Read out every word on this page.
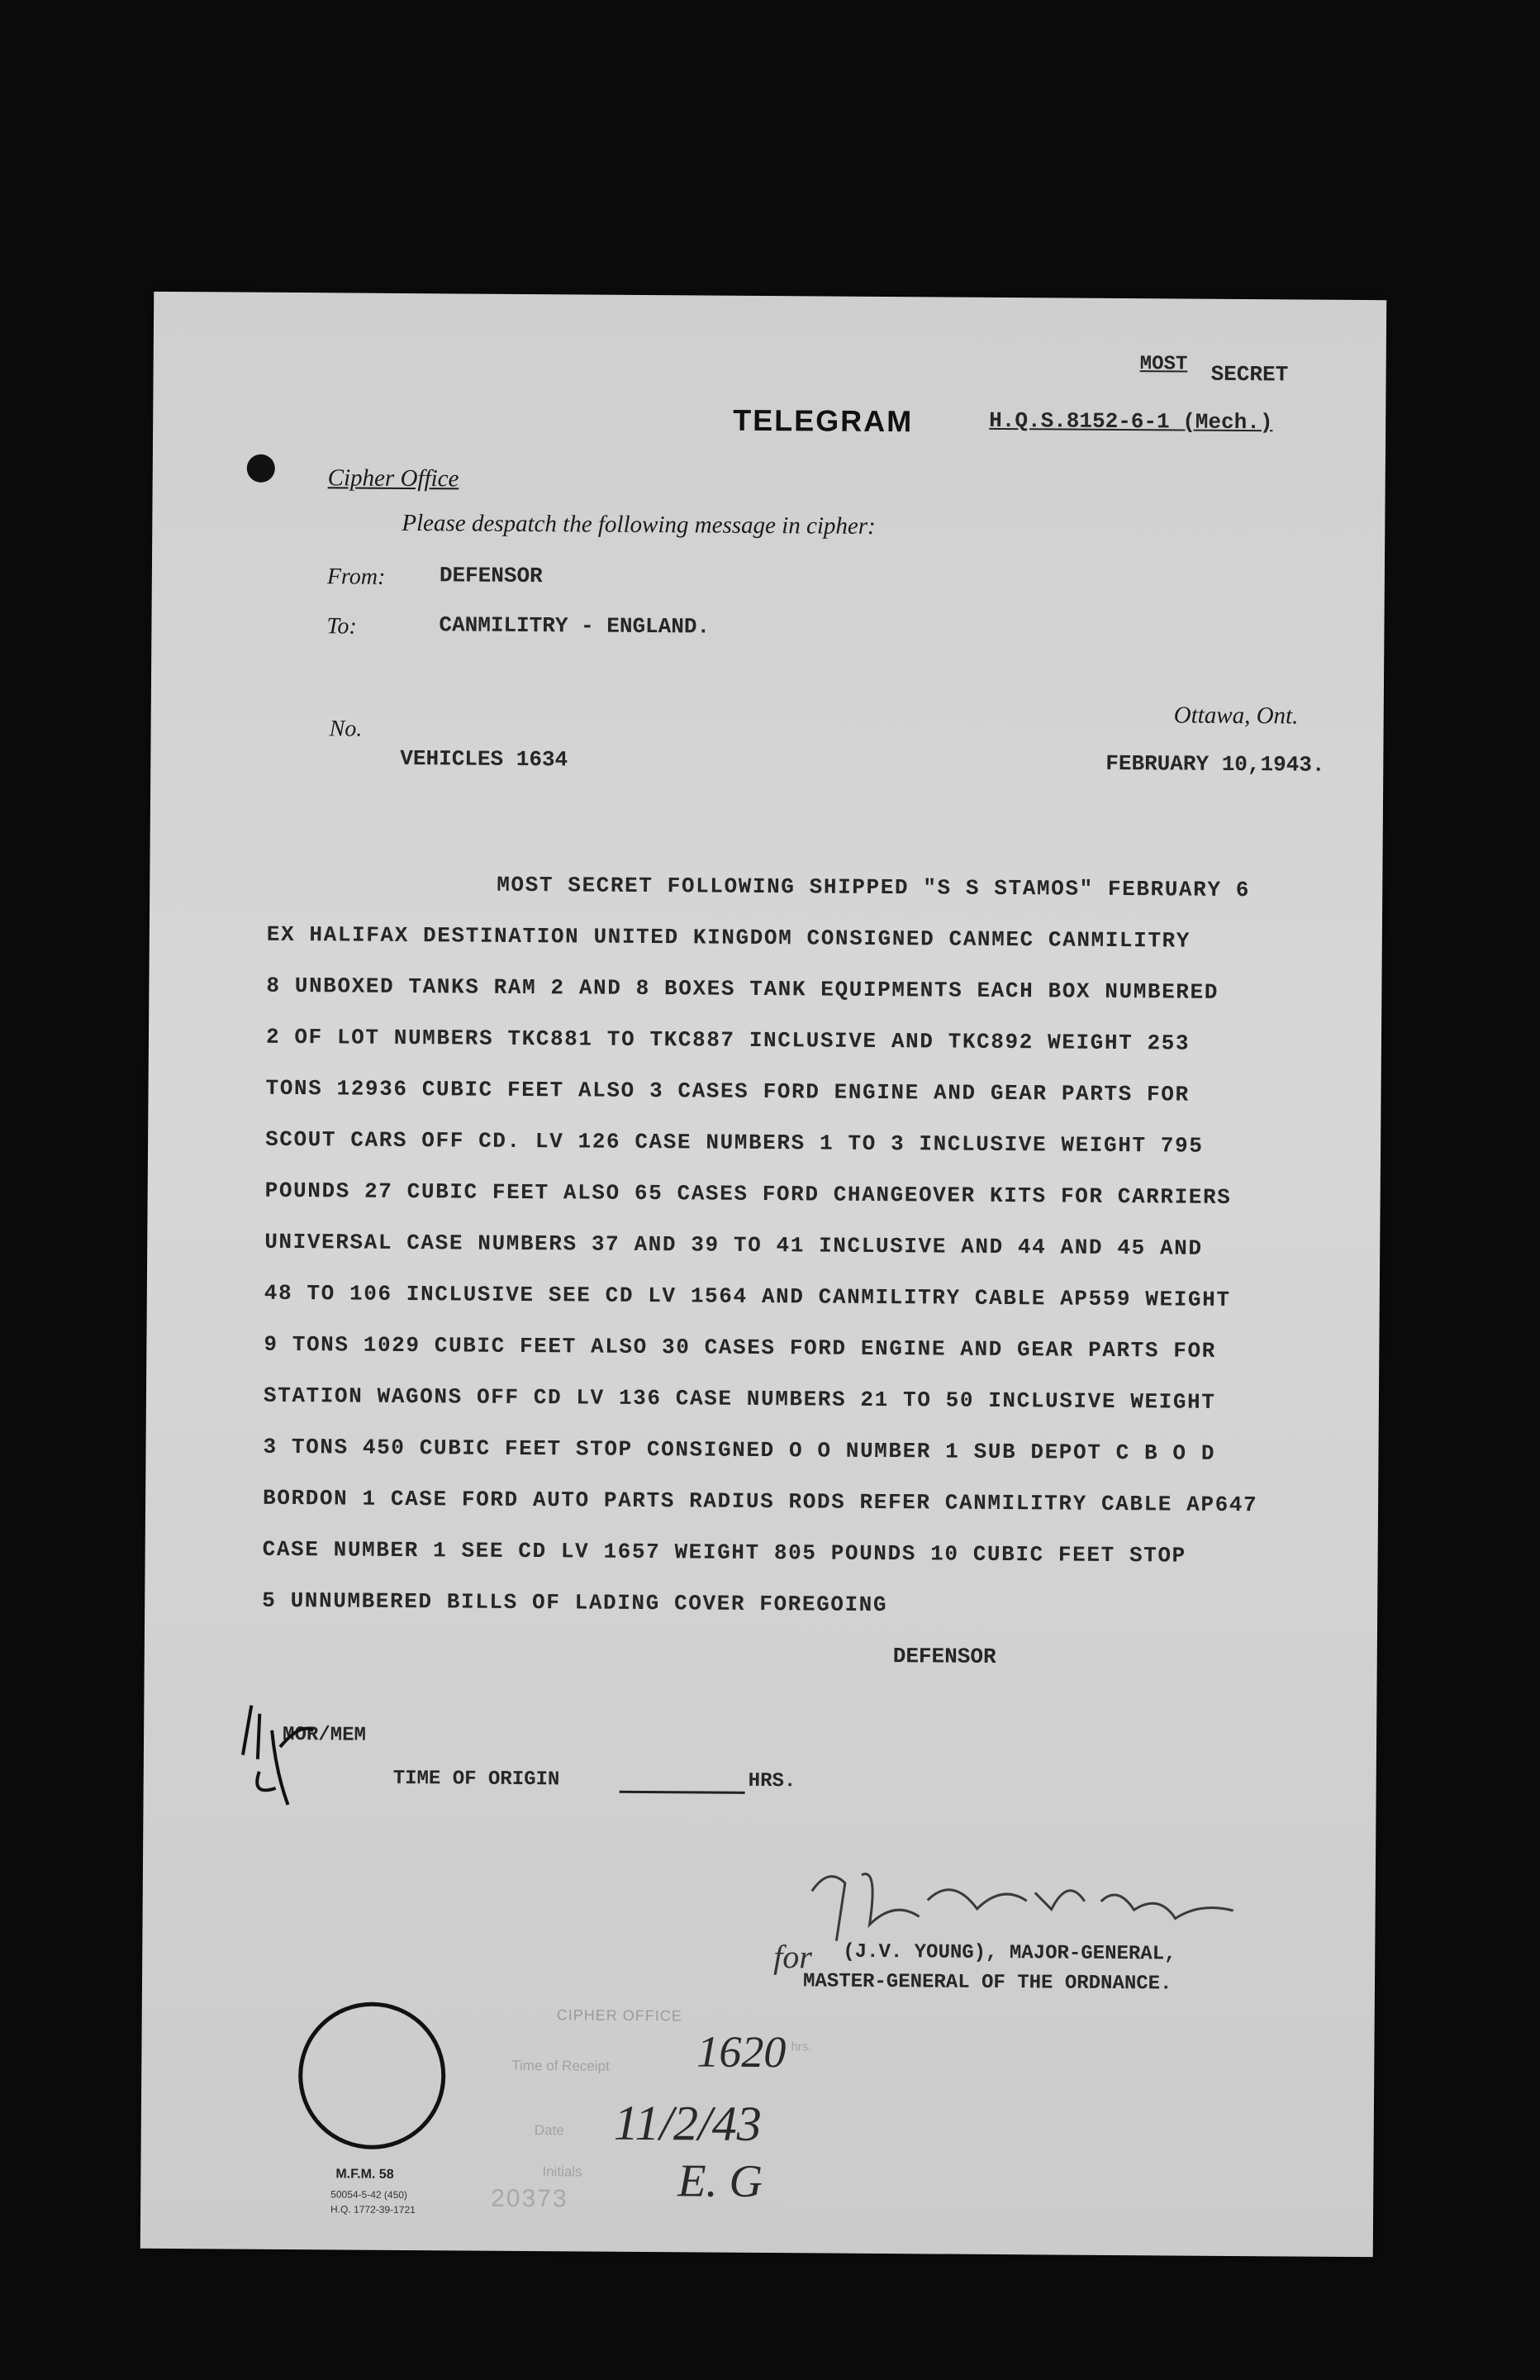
MOST SECRET
TELEGRAM	H.Q.S.8152-6-1 (Mech.)
Cipher Office
Please despatch the following message in cipher:
From:	DEFENSOR
To:	CANMILITRY - ENGLAND.
No.
VEHICLES 1634
Ottawa, Ont.
FEBRUARY 10,1943.
MOST SECRET FOLLOWING SHIPPED "S S STAMOS" FEBRUARY 6
EX HALIFAX DESTINATION UNITED KINGDOM CONSIGNED CANMEC CANMILITRY
8 UNBOXED TANKS RAM 2 AND 8 BOXES TANK EQUIPMENTS EACH BOX NUMBERED
2 OF LOT NUMBERS TKC881 TO TKC887 INCLUSIVE AND TKC892 WEIGHT 253
TONS 12936 CUBIC FEET ALSO 3 CASES FORD ENGINE AND GEAR PARTS FOR
SCOUT CARS OFF CD. LV 126 CASE NUMBERS 1 TO 3 INCLUSIVE WEIGHT 795
POUNDS 27 CUBIC FEET ALSO 65 CASES FORD CHANGEOVER KITS FOR CARRIERS
UNIVERSAL CASE NUMBERS 37 AND 39 TO 41 INCLUSIVE AND 44 AND 45 AND
48 TO 106 INCLUSIVE SEE CD LV 1564 AND CANMILITRY CABLE AP559 WEIGHT
9 TONS 1029 CUBIC FEET ALSO 30 CASES FORD ENGINE AND GEAR PARTS FOR
STATION WAGONS OFF CD LV 136 CASE NUMBERS 21 TO 50 INCLUSIVE WEIGHT
3 TONS 450 CUBIC FEET STOP CONSIGNED O O NUMBER 1 SUB DEPOT C B O D
BORDON 1 CASE FORD AUTO PARTS RADIUS RODS REFER CANMILITRY CABLE AP647
CASE NUMBER 1 SEE CD LV 1657 WEIGHT 805 POUNDS 10 CUBIC FEET STOP
5 UNNUMBERED BILLS OF LADING COVER FOREGOING
DEFENSOR
MOR/MEM
TIME OF ORIGIN	HRS.
for (J.V. YOUNG), MAJOR-GENERAL,
MASTER-GENERAL OF THE ORDNANCE.
CIPHER OFFICE
Time of Receipt 1620 hrs.
Date 11/2/43
Initials E. G
20373
M.F.M. 58
50054-5-42 (450)
H.Q. 1772-39-1721
